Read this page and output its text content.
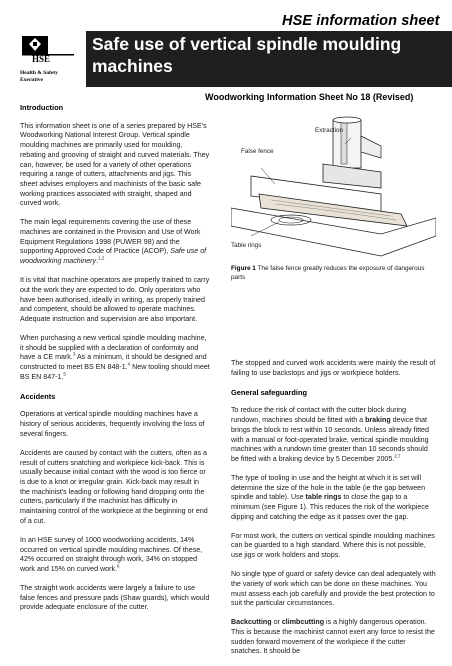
HSE information sheet
HSE
Health & Safety Executive
Safe use of vertical spindle moulding machines
Woodworking Information Sheet No 18 (Revised)
Introduction

This information sheet is one of a series prepared by HSE's Woodworking National Interest Group. Vertical spindle moulding machines are primarily used for moulding, rebating and grooving of straight and curved materials. They can, however, be used for a variety of other operations requiring a range of cutters, attachments and jigs. This sheet advises employers and machinists of the basic safe working practices associated with straight, shaped and curved work.

The main legal requirements covering the use of these machines are contained in the Provision and Use of Work Equipment Regulations 1998 (PUWER 98) and the supporting Approved Code of Practice (ACOP), Safe use of woodworking machinery.$^{1,2}$

It is vital that machine operators are properly trained to carry out the work they are expected to do. Only operators who have been authorised, ideally in writing, as properly trained and competent, should be allowed to operate machines. Adequate instruction and supervision are also important.

When purchasing a new vertical spindle moulding machine, it should be supplied with a declaration of conformity and have a CE mark.$^3$ As a minimum, it should be designed and constructed to meet BS EN 848-1.$^4$ New tooling should meet BS EN 847-1.$^5$

Accidents

Operations at vertical spindle moulding machines have a history of serious accidents, frequently involving the loss of several fingers.

Accidents are caused by contact with the cutters, often as a result of cutters snatching and workpiece kick-back. This is usually because initial contact with the wood is too fierce or is due to a knot or irregular grain. Kick-back may result in the machinist's leading or following hand dropping onto the cutters, particularly if the machinist has difficulty in maintaining control of the workpiece at the beginning or end of a cut.

In an HSE survey of 1000 woodworking accidents, 14% occurred on vertical spindle moulding machines. Of these, 42% occurred on straight through work, 34% on stopped work and 15% on curved work.$^6$

The straight work accidents were largely a failure to use false fences and pressure pads (Shaw guards), which would provide adequate enclosure of the cutter.

Extraction
False fence
Table rings
Figure 1 The false fence greatly reduces the exposure of dangerous parts

The stopped and curved work accidents were mainly the result of failing to use backstops and jigs or workpiece holders.

General safeguarding

To reduce the risk of contact with the cutter block during rundown, machines should be fitted with a braking device that brings the block to rest within 10 seconds. Unless already fitted with a manual or foot-operated brake, vertical spindle moulding machines with a rundown time greater than 10 seconds should be fitted with a braking device by 5 December 2005.$^{2,7}$

The type of tooling in use and the height at which it is set will determine the size of the hole in the table (ie the gap between spindle and table). Use table rings to close the gap to a minimum (see Figure 1). This reduces the risk of the workpiece dipping and catching the edge as it passes over the gap.

For most work, the cutters on vertical spindle moulding machines can be guarded to a high standard. Where this is not possible, use jigs or work holders and stops.

No single type of guard or safety device can deal adequately with the variety of work which can be done on these machines. You must assess each job carefully and provide the best protection to suit the particular circumstances.

Backcutting or climbcutting is a highly dangerous operation. This is because the machinist cannot exert any force to resist the sudden forward movement of the workpiece if the cutter snatches. It should be
